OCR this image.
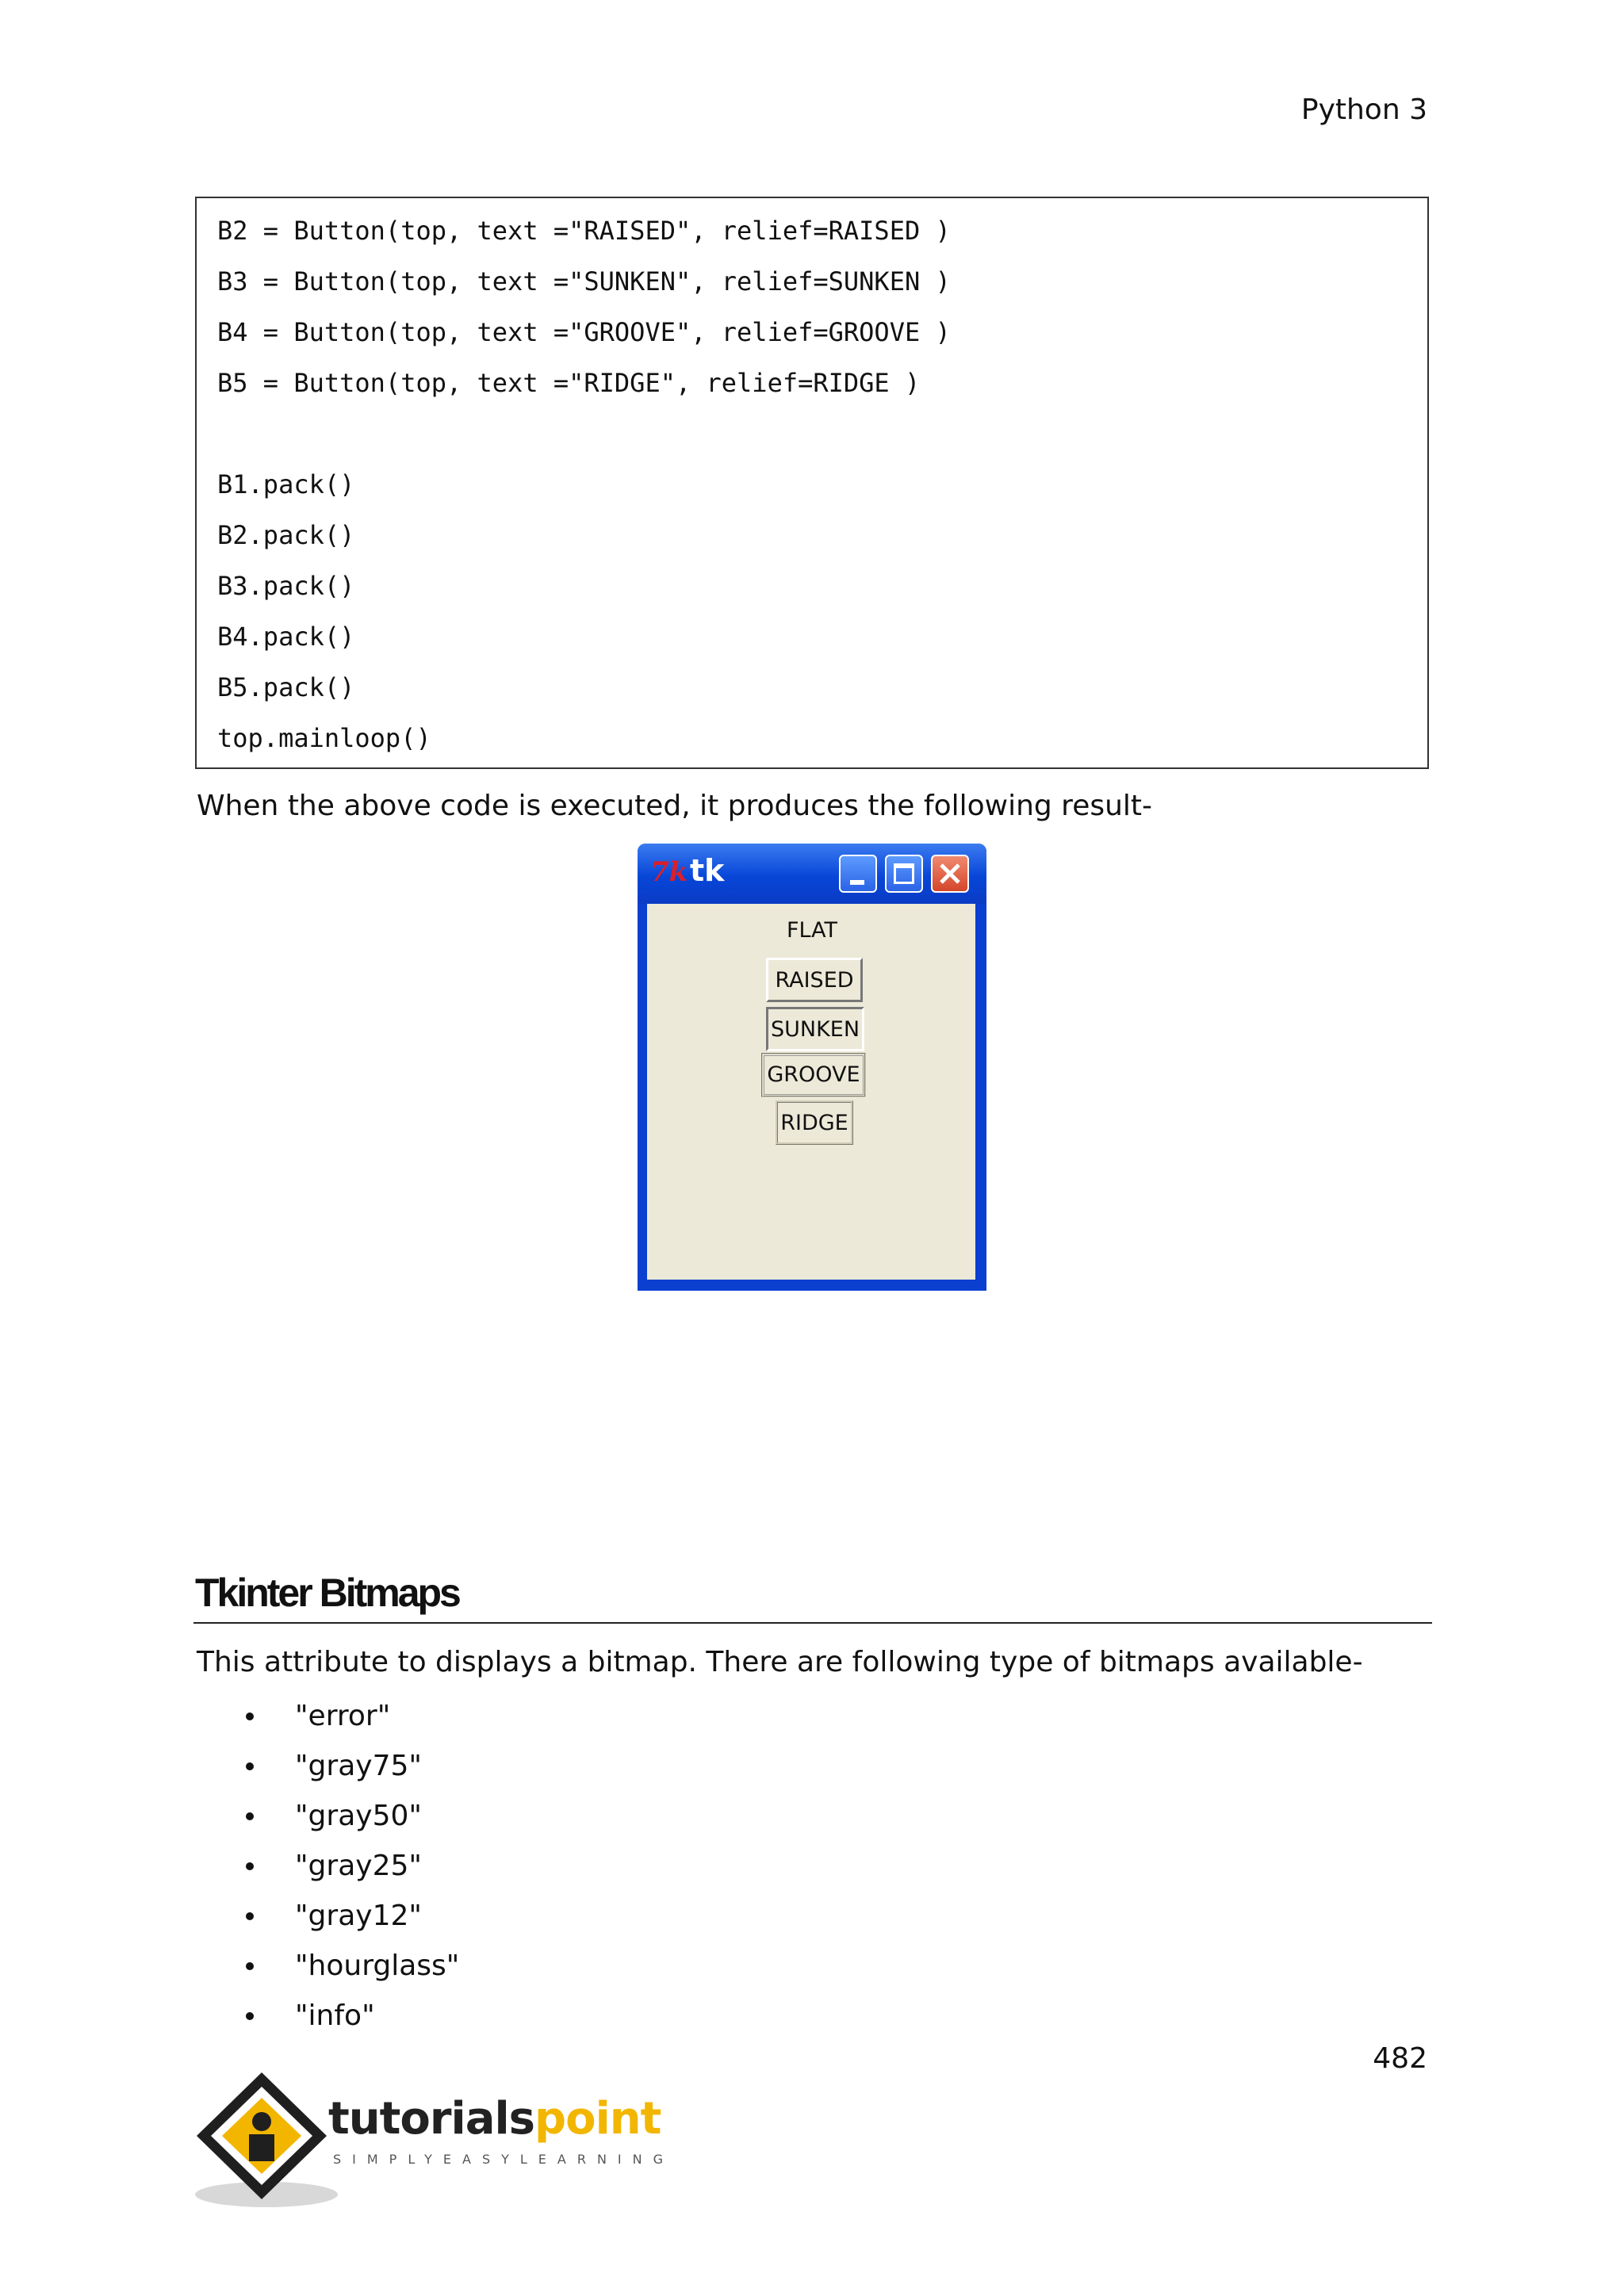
Python 3
B2 = Button(top, text ="RAISED", relief=RAISED )
B3 = Button(top, text ="SUNKEN", relief=SUNKEN )
B4 = Button(top, text ="GROOVE", relief=GROOVE )
B5 = Button(top, text ="RIDGE", relief=RIDGE )
B1.pack()
B2.pack()
B3.pack()
B4.pack()
B5.pack()
top.mainloop()
When the above code is executed, it produces the following result-
7k tk
FLAT
RAISED
SUNKEN
GROOVE
RIDGE
Tkinter Bitmaps
This attribute to displays a bitmap. There are following type of bitmaps available-
"error"
"gray75"
"gray50"
"gray25"
"gray12"
"hourglass"
"info"
482
tutorialspoint
SIMPLYEASYLEARNING
